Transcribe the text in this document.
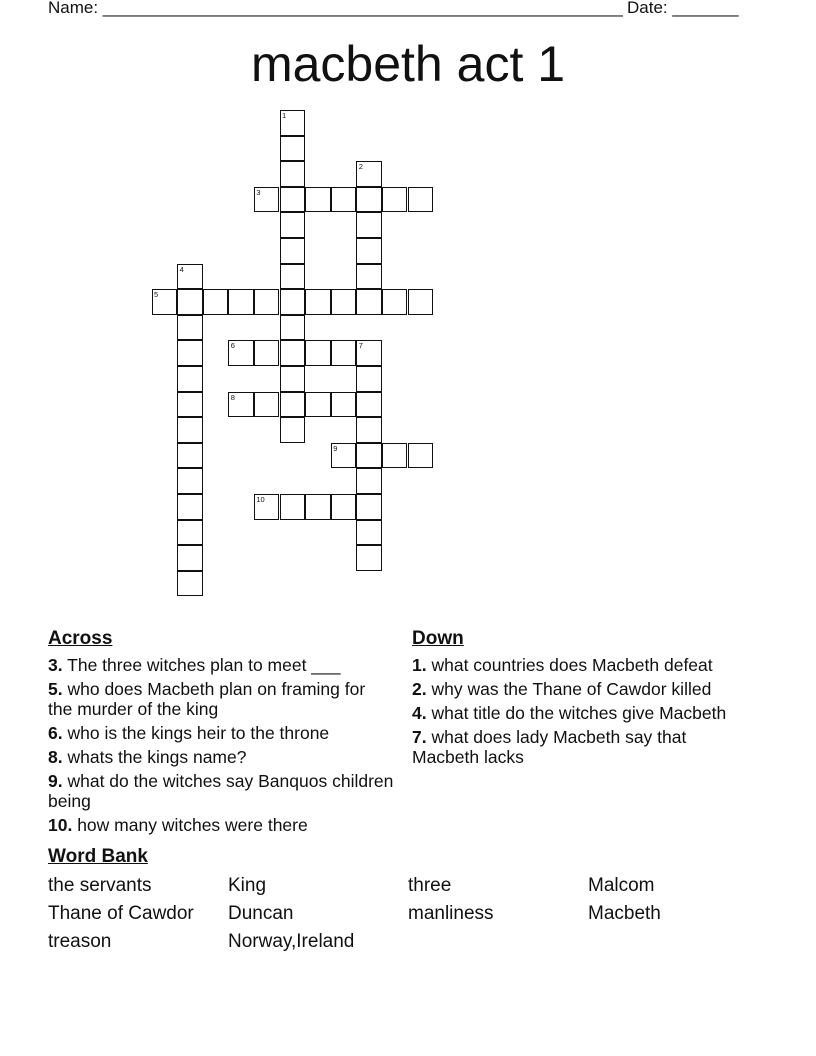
Name: _______________________________________________________ Date: _______
macbeth act 1
1
2
3
4
5
6	7
8
9
10
Across
3. The three witches plan to meet ___
5. who does Macbeth plan on framing for the murder of the king
6. who is the kings heir to the throne
8. whats the kings name?
9. what do the witches say Banquos children being
10. how many witches were there
Down
1. what countries does Macbeth defeat
2. why was the Thane of Cawdor killed
4. what title do the witches give Macbeth
7. what does lady Macbeth say that Macbeth lacks
Word Bank
the servants	King	three	Malcom
Thane of Cawdor	Duncan	manliness	Macbeth
treason	Norway,Ireland
